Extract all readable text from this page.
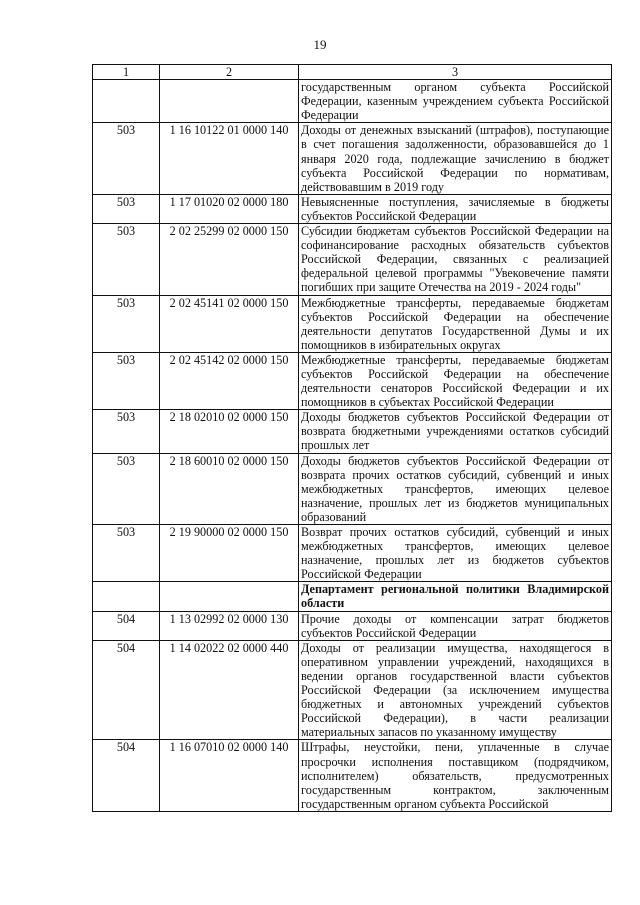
19
1	2	3
		государственным органом субъекта Российской Федерации, казенным учреждением субъекта Российской Федерации
503	1 16 10122 01 0000 140	Доходы от денежных взысканий (штрафов), поступающие в счет погашения задолженности, образовавшейся до 1 января 2020 года, подлежащие зачислению в бюджет субъекта Российской Федерации по нормативам, действовавшим в 2019 году
503	1 17 01020 02 0000 180	Невыясненные поступления, зачисляемые в бюджеты субъектов Российской Федерации
503	2 02 25299 02 0000 150	Субсидии бюджетам субъектов Российской Федерации на софинансирование расходных обязательств субъектов Российской Федерации, связанных с реализацией федеральной целевой программы "Увековечение памяти погибших при защите Отечества на 2019 - 2024 годы"
503	2 02 45141 02 0000 150	Межбюджетные трансферты, передаваемые бюджетам субъектов Российской Федерации на обеспечение деятельности депутатов Государственной Думы и их помощников в избирательных округах
503	2 02 45142 02 0000 150	Межбюджетные трансферты, передаваемые бюджетам субъектов Российской Федерации на обеспечение деятельности сенаторов Российской Федерации и их помощников в субъектах Российской Федерации
503	2 18 02010 02 0000 150	Доходы бюджетов субъектов Российской Федерации от возврата бюджетными учреждениями остатков субсидий прошлых лет
503	2 18 60010 02 0000 150	Доходы бюджетов субъектов Российской Федерации от возврата прочих остатков субсидий, субвенций и иных межбюджетных трансфертов, имеющих целевое назначение, прошлых лет из бюджетов муниципальных образований
503	2 19 90000 02 0000 150	Возврат прочих остатков субсидий, субвенций и иных межбюджетных трансфертов, имеющих целевое назначение, прошлых лет из бюджетов субъектов Российской Федерации
		Департамент региональной политики Владимирской области
504	1 13 02992 02 0000 130	Прочие доходы от компенсации затрат бюджетов субъектов Российской Федерации
504	1 14 02022 02 0000 440	Доходы от реализации имущества, находящегося в оперативном управлении учреждений, находящихся в ведении органов государственной власти субъектов Российской Федерации (за исключением имущества бюджетных и автономных учреждений субъектов Российской Федерации), в части реализации материальных запасов по указанному имуществу
504	1 16 07010 02 0000 140	Штрафы, неустойки, пени, уплаченные в случае просрочки исполнения поставщиком (подрядчиком, исполнителем) обязательств, предусмотренных государственным контрактом, заключенным государственным органом субъекта Российской
